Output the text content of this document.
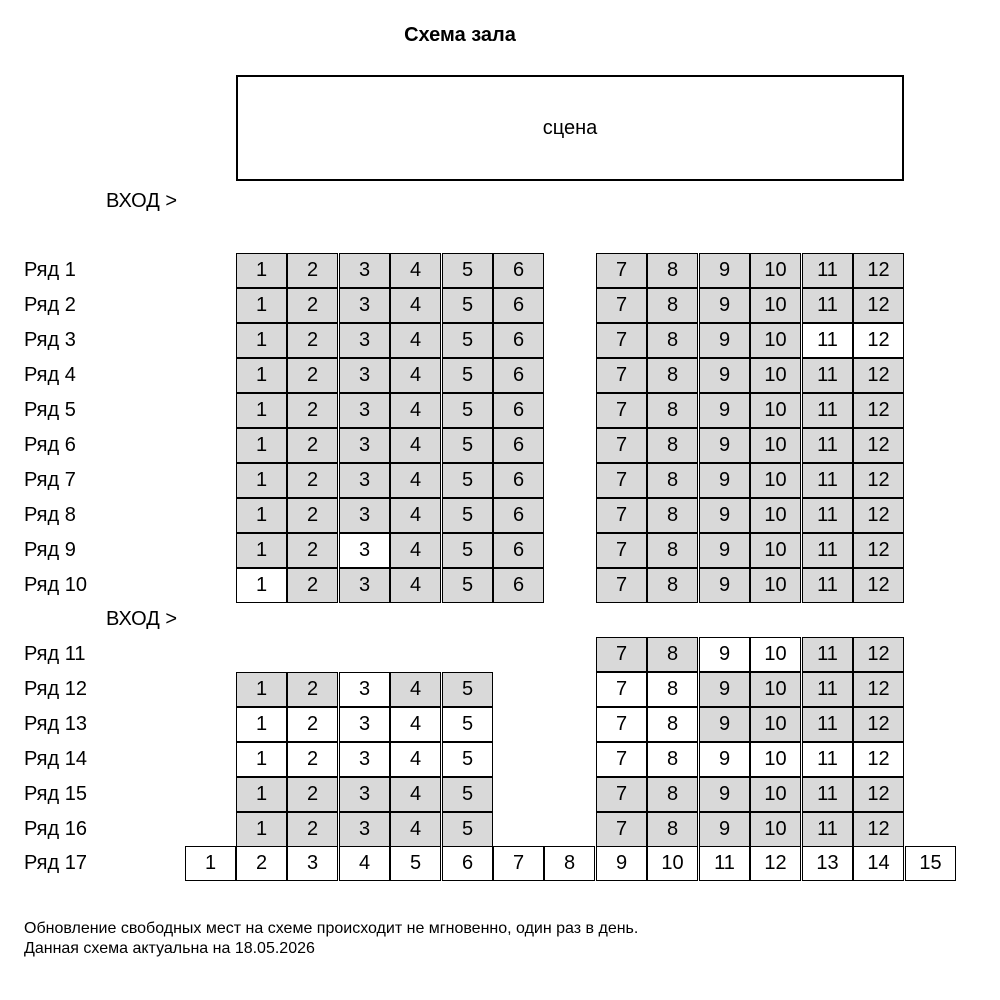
Схема зала
сцена
ВХОД >
ВХОД >
Ряд 1	1	2	3	4	5	6	7	8	9	10	11	12
Ряд 2	1	2	3	4	5	6	7	8	9	10	11	12
Ряд 3	1	2	3	4	5	6	7	8	9	10	11	12
Ряд 4	1	2	3	4	5	6	7	8	9	10	11	12
Ряд 5	1	2	3	4	5	6	7	8	9	10	11	12
Ряд 6	1	2	3	4	5	6	7	8	9	10	11	12
Ряд 7	1	2	3	4	5	6	7	8	9	10	11	12
Ряд 8	1	2	3	4	5	6	7	8	9	10	11	12
Ряд 9	1	2	3	4	5	6	7	8	9	10	11	12
Ряд 10	1	2	3	4	5	6	7	8	9	10	11	12
Ряд 11	7	8	9	10	11	12
Ряд 12	1	2	3	4	5	7	8	9	10	11	12
Ряд 13	1	2	3	4	5	7	8	9	10	11	12
Ряд 14	1	2	3	4	5	7	8	9	10	11	12
Ряд 15	1	2	3	4	5	7	8	9	10	11	12
Ряд 16	1	2	3	4	5	7	8	9	10	11	12
Ряд 17	1	2	3	4	5	6	7	8	9	10	11	12	13	14	15
Обновление свободных мест на схеме происходит не мгновенно, один раз в день.
Данная схема актуальна на 18.05.2026
